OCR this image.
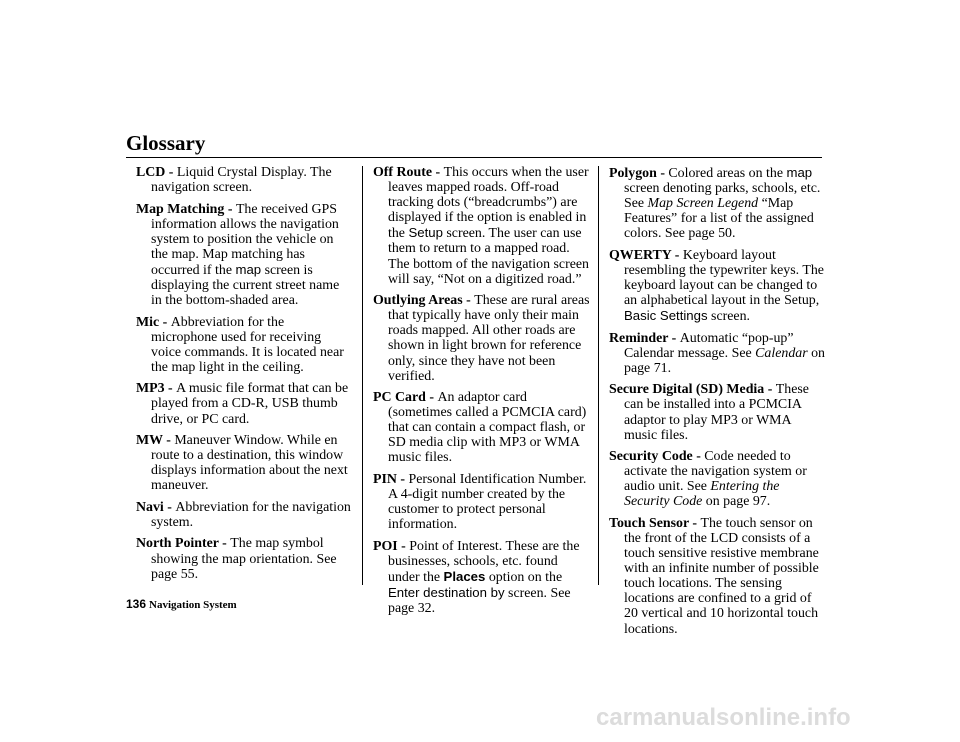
Glossary
LCD - Liquid Crystal Display. The navigation screen.
Map Matching - The received GPS information allows the navigation system to position the vehicle on the map. Map matching has occurred if the map screen is displaying the current street name in the bottom-shaded area.
Mic - Abbreviation for the microphone used for receiving voice commands. It is located near the map light in the ceiling.
MP3 - A music file format that can be played from a CD-R, USB thumb drive, or PC card.
MW - Maneuver Window. While en route to a destination, this window displays information about the next maneuver.
Navi - Abbreviation for the navigation system.
North Pointer - The map symbol showing the map orientation. See page 55.
Off Route - This occurs when the user leaves mapped roads. Off-road tracking dots (“breadcrumbs”) are displayed if the option is enabled in the Setup screen. The user can use them to return to a mapped road. The bottom of the navigation screen will say, “Not on a digitized road.”
Outlying Areas - These are rural areas that typically have only their main roads mapped. All other roads are shown in light brown for reference only, since they have not been verified.
PC Card - An adaptor card (sometimes called a PCMCIA card) that can contain a compact flash, or SD media clip with MP3 or WMA music files.
PIN - Personal Identification Number. A 4-digit number created by the customer to protect personal information.
POI - Point of Interest. These are the businesses, schools, etc. found under the Places option on the Enter destination by screen. See page 32.
Polygon - Colored areas on the map screen denoting parks, schools, etc. See Map Screen Legend “Map Features” for a list of the assigned colors. See page 50.
QWERTY - Keyboard layout resembling the typewriter keys. The keyboard layout can be changed to an alphabetical layout in the Setup, Basic Settings screen.
Reminder - Automatic “pop-up” Calendar message. See Calendar on page 71.
Secure Digital (SD) Media - These can be installed into a PCMCIA adaptor to play MP3 or WMA music files.
Security Code - Code needed to activate the navigation system or audio unit. See Entering the Security Code on page 97.
Touch Sensor - The touch sensor on the front of the LCD consists of a touch sensitive resistive membrane with an infinite number of possible touch locations. The sensing locations are confined to a grid of 20 vertical and 10 horizontal touch locations.
136 Navigation System
carmanualsonline.info
